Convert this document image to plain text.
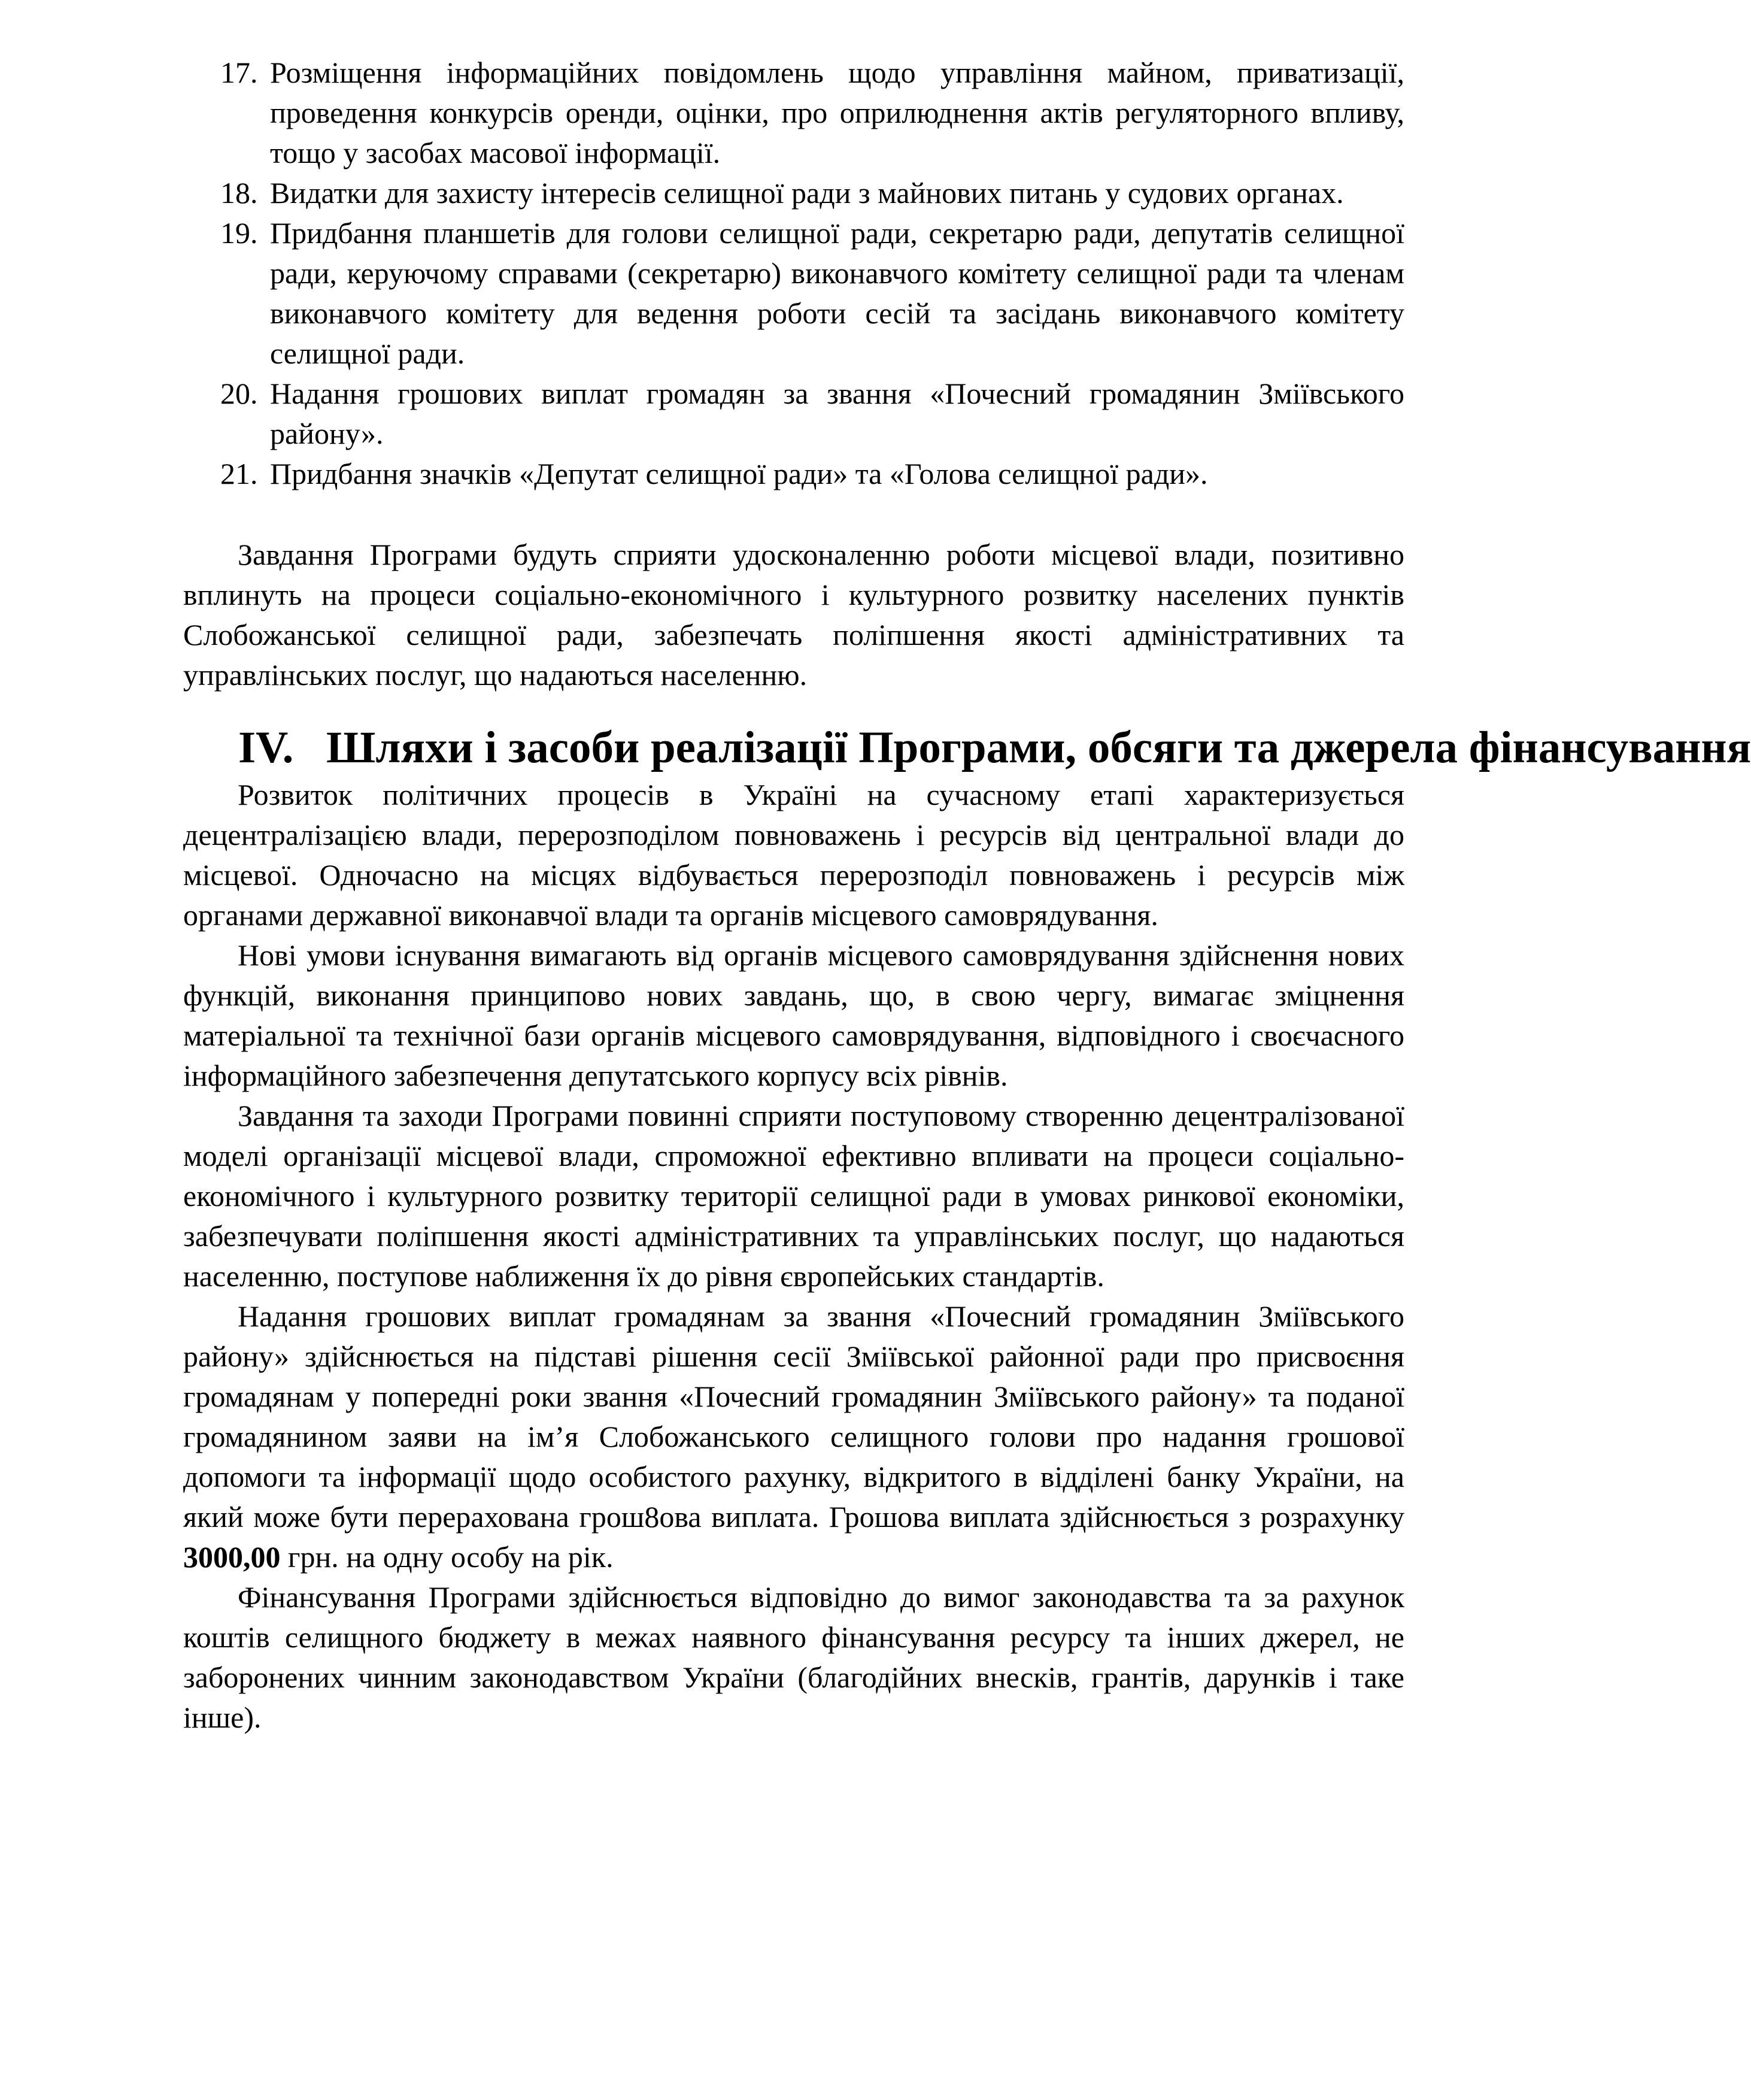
17. Розміщення інформаційних повідомлень щодо управління майном, приватизації, проведення конкурсів оренди, оцінки, про оприлюднення актів регуляторного впливу, тощо у засобах масової інформації.
18. Видатки для захисту інтересів селищної ради з майнових питань у судових органах.
19. Придбання планшетів для голови селищної ради, секретарю ради, депутатів селищної ради, керуючому справами (секретарю) виконавчого комітету селищної ради та членам виконавчого комітету для ведення роботи сесій та засідань виконавчого комітету селищної ради.
20. Надання грошових виплат громадян за звання «Почесний громадянин Зміївського району».
21. Придбання значків «Депутат селищної ради» та «Голова селищної ради».

Завдання Програми будуть сприяти удосконаленню роботи місцевої влади, позитивно вплинуть на процеси соціально-економічного і культурного розвитку населених пунктів Слобожанської селищної ради, забезпечать поліпшення якості адміністративних та управлінських послуг, що надаються населенню.

IV. Шляхи і засоби реалізації Програми, обсяги та джерела фінансування

Розвиток політичних процесів в Україні на сучасному етапі характеризується децентралізацією влади, перерозподілом повноважень і ресурсів від центральної влади до місцевої. Одночасно на місцях відбувається перерозподіл повноважень і ресурсів між органами державної виконавчої влади та органів місцевого самоврядування.

Нові умови існування вимагають від органів місцевого самоврядування здійснення нових функцій, виконання принципово нових завдань, що, в свою чергу, вимагає зміцнення матеріальної та технічної бази органів місцевого самоврядування, відповідного і своєчасного інформаційного забезпечення депутатського корпусу всіх рівнів.

Завдання та заходи Програми повинні сприяти поступовому створенню децентралізованої моделі організації місцевої влади, спроможної ефективно впливати на процеси соціально-економічного і культурного розвитку території селищної ради в умовах ринкової економіки, забезпечувати поліпшення якості адміністративних та управлінських послуг, що надаються населенню, поступове наближення їх до рівня європейських стандартів.

Надання грошових виплат громадянам за звання «Почесний громадянин Зміївського району» здійснюється на підставі рішення сесії Зміївської районної ради про присвоєння громадянам у попередні роки звання «Почесний громадянин Зміївського району» та поданої громадянином заяви на ім’я Слобожанського селищного голови про надання грошової допомоги та інформації щодо особистого рахунку, відкритого в відділені банку України, на який може бути перерахована грош8ова виплата. Грошова виплата здійснюється з розрахунку 3000,00 грн. на одну особу на рік.

Фінансування Програми здійснюється відповідно до вимог законодавства та за рахунок коштів селищного бюджету в межах наявного фінансування ресурсу та інших джерел, не заборонених чинним законодавством України (благодійних внесків, грантів, дарунків і таке інше).
